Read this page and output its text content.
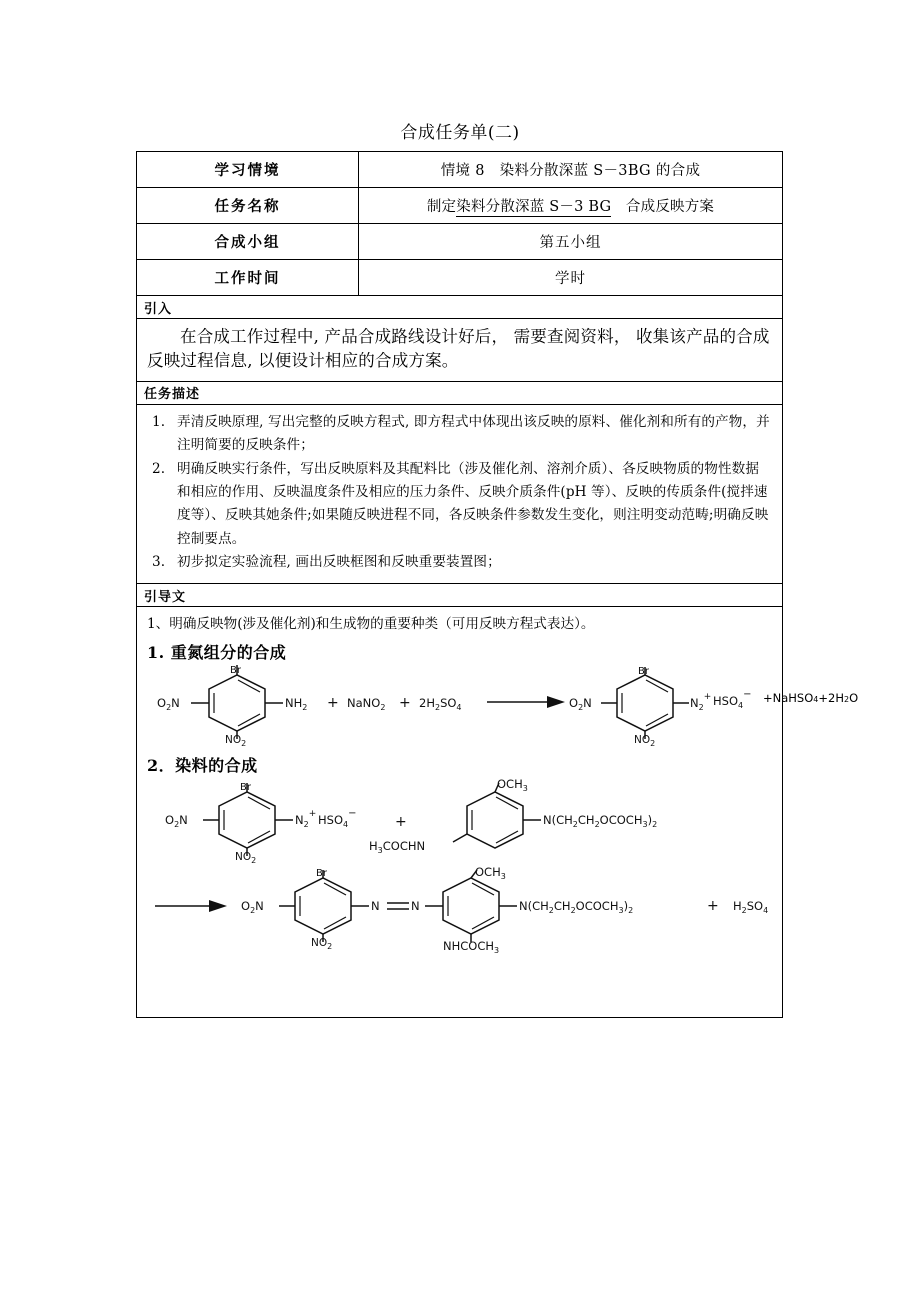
合成任务单(二)
学习情境	情境 8　染料分散深蓝 S－3BG 的合成
任务名称	制定染料分散深蓝 S－3 BG　合成反映方案
合成小组	第五小组
工作时间	学时
引入	

在合成工作过程中, 产品合成路线设计好后， 需要查阅资料， 收集该产品的合成反映过程信息, 以便设计相应的合成方案。	

任务描述	

弄清反映原理, 写出完整的反映方程式, 即方程式中体现出该反映的原料、催化剂和所有的产物，并注明简要的反映条件；
明确反映实行条件，写出反映原料及其配料比（涉及催化剂、溶剂介质）、各反映物质的物性数据和相应的作用、反映温度条件及相应的压力条件、反映介质条件(pH 等）、反映的传质条件(搅拌速度等）、反映其她条件;如果随反映进程不同，各反映条件参数发生变化，则注明变动范畴;明确反映控制要点。
初步拟定实验流程, 画出反映框图和反映重要装置图；

引导文	

1、明确反映物(涉及催化剂)和生成物的重要种类（可用反映方程式表达）。
1. 重氮组分的合成
$O_2N$
Br
$NH_2$
$NO_2$
+ NaNO$_2$ + $2H_2SO_4$	$O_2N$
Br
$N_2^+$
$NO_2$
$HSO_4-$ +NaHSO4+2H2O
2．染料的合成
$O_2N$
Br
$N_2^+$ $HSO_4-$
$NO_2$
+
$OCH_3$
$N(CH_2CH_2OCOCH_3)_2$
$H_3COCHN$
$O_2N$
Br
$NO_2$
N	N
$OCH_3$
$N(CH_2CH_2OCOCH_3)_2$
$NHCOCH_3$
+ $H_2SO_4$
